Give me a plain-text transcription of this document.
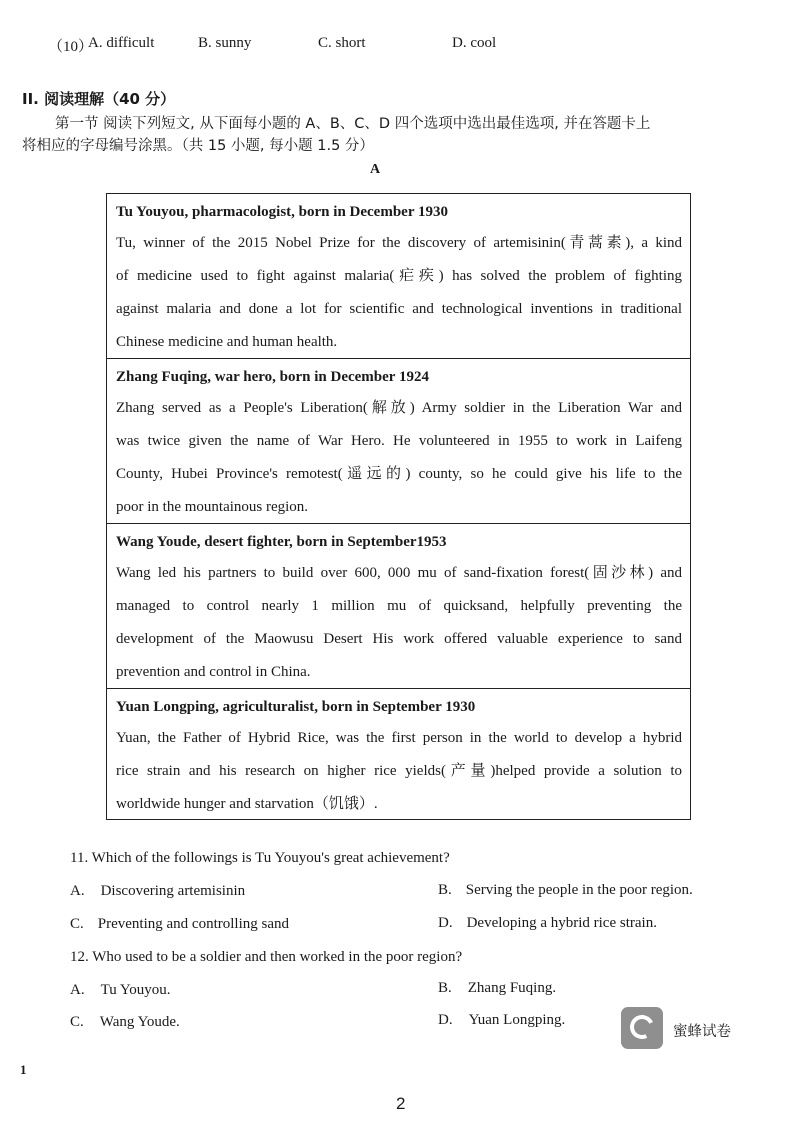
（10）
A. difficult	B. sunny	C. short	D. cool
II. 阅读理解（40 分）
第一节 阅读下列短文, 从下面每小题的 A、B、C、D 四个选项中选出最佳选项, 并在答题卡上
将相应的字母编号涂黑。（共 15 小题, 每小题 1.5 分）
A
Tu Youyou, pharmacologist, born in December 1930
Tu, winner of the 2015 Nobel Prize for the discovery of artemisinin(青蒿素), a kind
of medicine used to fight against malaria(疟疾) has solved the problem of fighting
against malaria and done a lot for scientific and technological inventions in traditional
Chinese medicine and human health.
Zhang Fuqing, war hero, born in December 1924
Zhang served as a People's Liberation(解放) Army soldier in the Liberation War and
was twice given the name of War Hero. He volunteered in 1955 to work in Laifeng
County, Hubei Province's remotest(遥远的) county, so he could give his life to the
poor in the mountainous region.
Wang Youde, desert fighter, born in September1953
Wang led his partners to build over 600, 000 mu of sand-fixation forest(固沙林) and
managed to control nearly 1 million mu of quicksand, helpfully preventing the
development of the Maowusu Desert His work offered valuable experience to sand
prevention and control in China.
Yuan Longping, agriculturalist, born in September 1930
Yuan, the Father of Hybrid Rice, was the first person in the world to develop a hybrid
rice strain and his research on higher rice yields(产量)helped provide a solution to
worldwide hunger and starvation（饥饿）.
11. Which of the followings is Tu Youyou's great achievement?
A. Discovering artemisinin	B. Serving the people in the poor region.
C. Preventing and controlling sand	D. Developing a hybrid rice strain.
12. Who used to be a soldier and then worked in the poor region?
A. Tu Youyou.	B. Zhang Fuqing.
C. Wang Youde.	D. Yuan Longping.
蜜蜂试卷
1
2
